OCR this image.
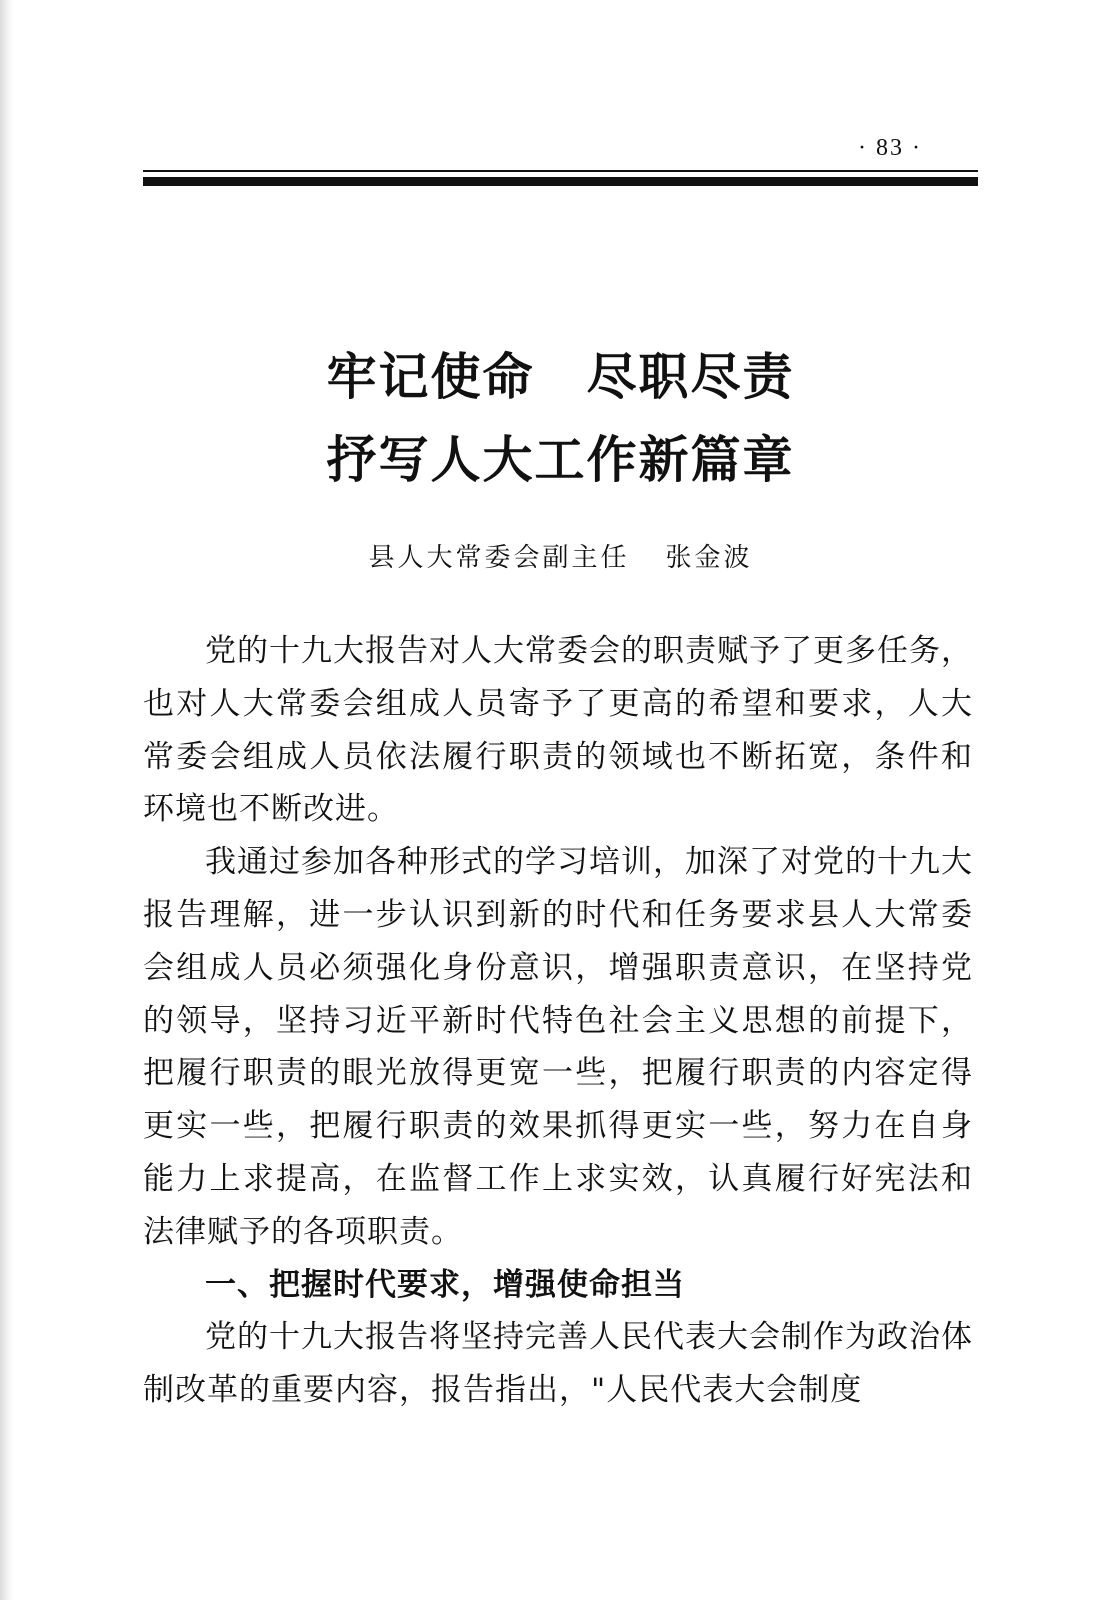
· 83 ·
牢记使命　尽职尽责
抒写人大工作新篇章
县人大常委会副主任 张金波

党的十九大报告对人大常委会的职责赋予了更多任务，也对人大常委会组成人员寄予了更高的希望和要求，人大常委会组成人员依法履行职责的领域也不断拓宽，条件和环境也不断改进。

我通过参加各种形式的学习培训，加深了对党的十九大报告理解，进一步认识到新的时代和任务要求县人大常委会组成人员必须强化身份意识，增强职责意识，在坚持党的领导，坚持习近平新时代特色社会主义思想的前提下，把履行职责的眼光放得更宽一些，把履行职责的内容定得更实一些，把履行职责的效果抓得更实一些，努力在自身能力上求提高，在监督工作上求实效，认真履行好宪法和法律赋予的各项职责。

一、把握时代要求，增强使命担当

党的十九大报告将坚持完善人民代表大会制作为政治体制改革的重要内容，报告指出，"人民代表大会制度
